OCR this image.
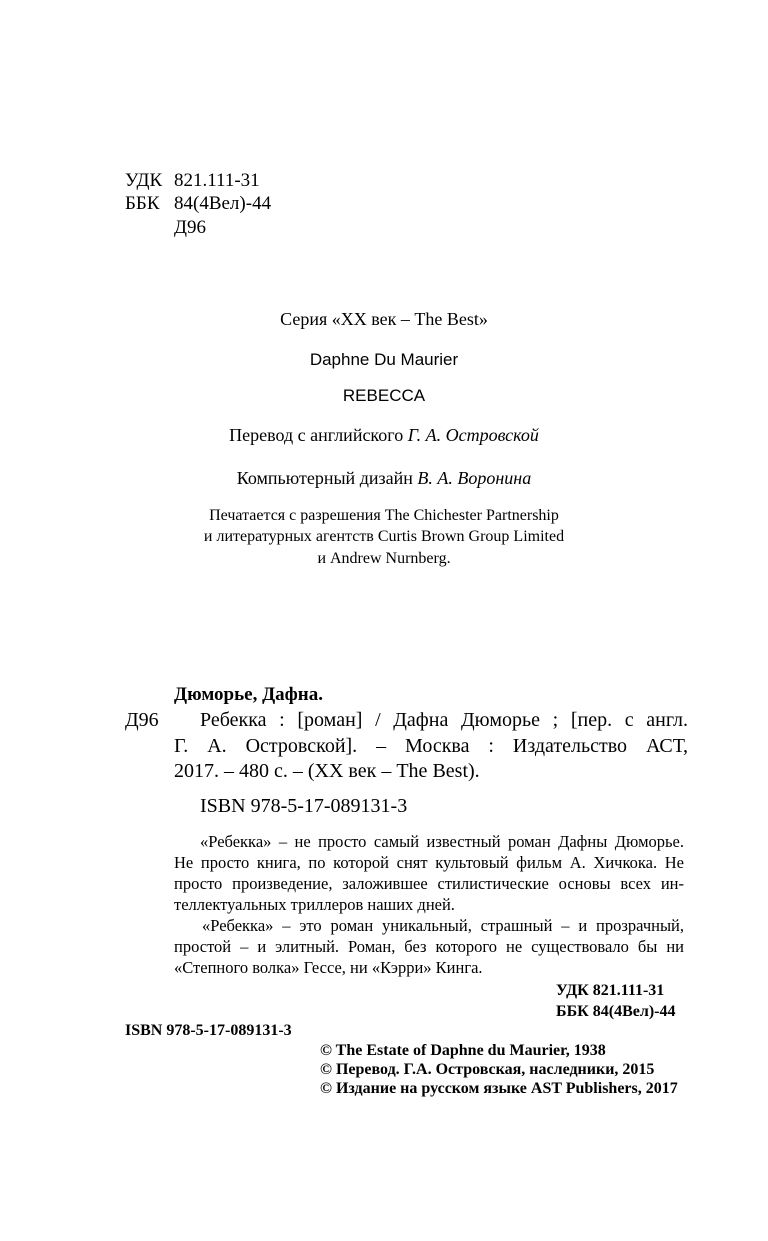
УДК 821.111-31
ББК 84(4Вел)-44
Д96
Серия «XX век – The Best»
Daphne Du Maurier
REBECCA
Перевод с английского Г. А. Островской
Компьютерный дизайн В. А. Воронина
Печатается с разрешения The Chichester Partnership
и литературных агентств Curtis Brown Group Limited
и Andrew Nurnberg.
Дюморье, Дафна.
Д96 Ребекка : [роман] / Дафна Дюморье ; [пер. с англ.
Г. А. Островской]. – Москва : Издательство АСТ,
2017. – 480 с. – (XX век – The Best).
ISBN 978-5-17-089131-3
«Ребекка» – не просто самый известный роман Дафны Дюморье.
Не просто книга, по которой снят культовый фильм А. Хичкока. Не
просто произведение, заложившее стилистические основы всех ин-
теллектуальных триллеров наших дней.
«Ребекка» – это роман уникальный, страшный – и прозрачный,
простой – и элитный. Роман, без которого не существовало бы ни
«Степного волка» Гессе, ни «Кэрри» Кинга.
УДК 821.111-31
ББК 84(4Вел)-44
ISBN 978-5-17-089131-3
© The Estate of Daphne du Maurier, 1938
© Перевод. Г.А. Островская, наследники, 2015
© Издание на русском языке AST Publishers, 2017
